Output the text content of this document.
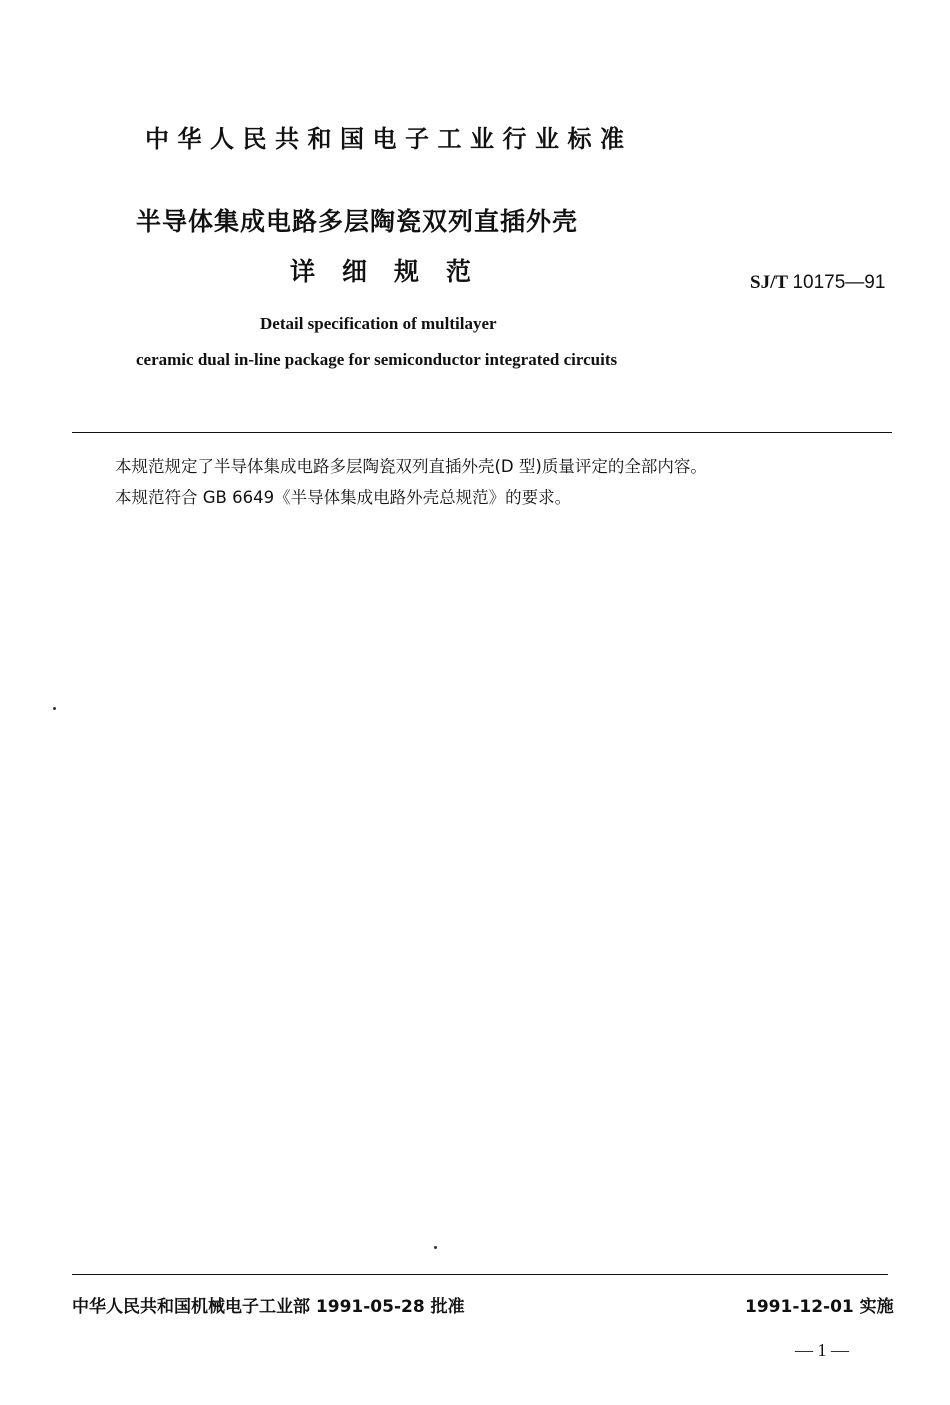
中华人民共和国电子工业行业标准
半导体集成电路多层陶瓷双列直插外壳
详细规范	SJ/T 10175—91
Detail specification of multilayer
ceramic dual in-line package for semiconductor integrated circuits
本规范规定了半导体集成电路多层陶瓷双列直插外壳(D 型)质量评定的全部内容。
本规范符合 GB 6649《半导体集成电路外壳总规范》的要求。
中华人民共和国机械电子工业部 1991-05-28 批准	1991-12-01 实施
— 1 —
